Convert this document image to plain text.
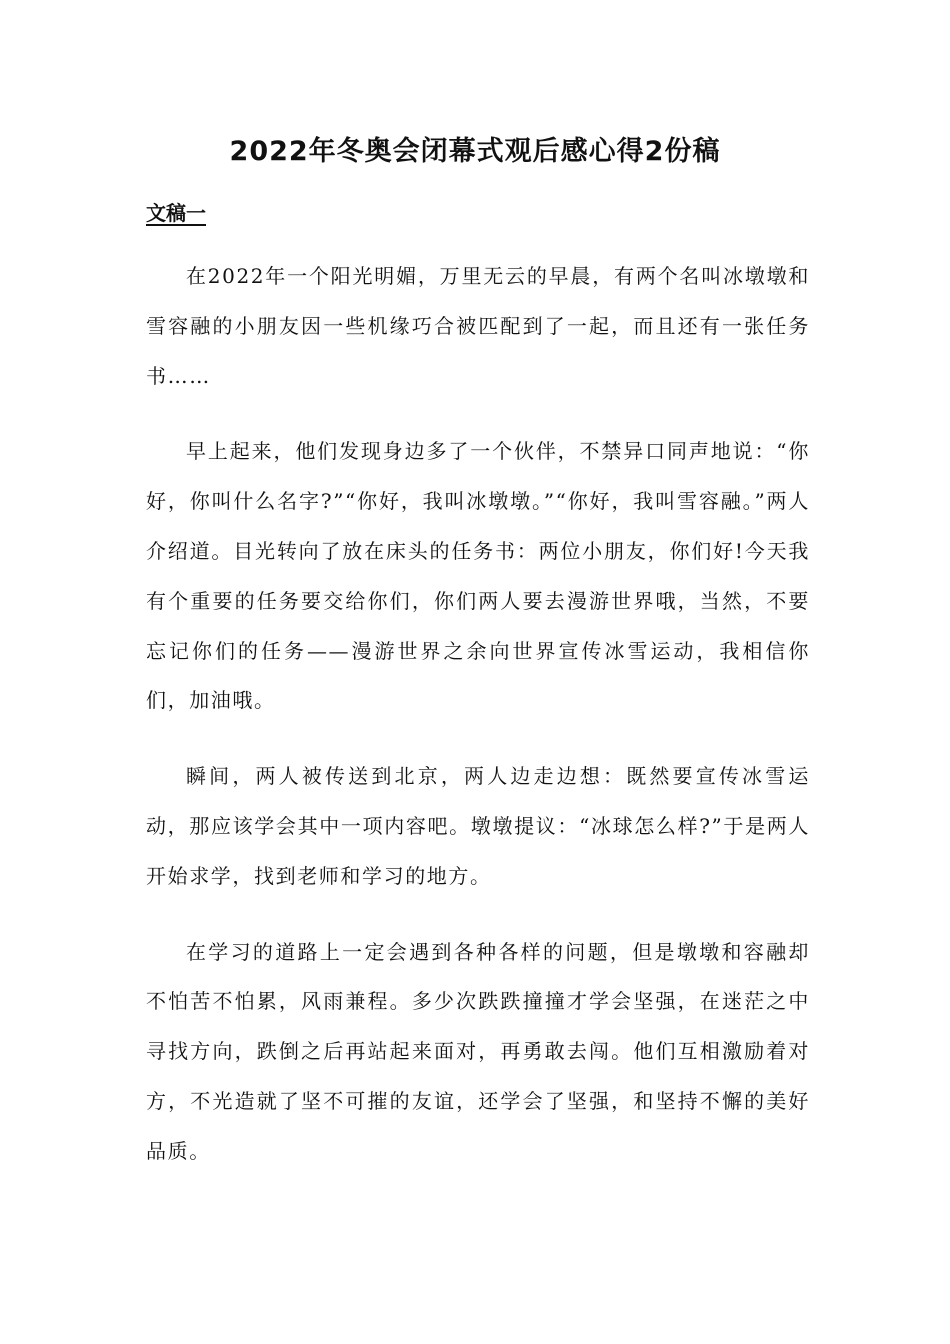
2022年冬奥会闭幕式观后感心得2份稿
文稿一

在2022年一个阳光明媚，万里无云的早晨，有两个名叫冰墩墩和雪容融的小朋友因一些机缘巧合被匹配到了一起，而且还有一张任务书……

早上起来，他们发现身边多了一个伙伴，不禁异口同声地说：“你好，你叫什么名字?”“你好，我叫冰墩墩。”“你好，我叫雪容融。”两人介绍道。目光转向了放在床头的任务书：两位小朋友，你们好!今天我有个重要的任务要交给你们，你们两人要去漫游世界哦，当然，不要忘记你们的任务——漫游世界之余向世界宣传冰雪运动，我相信你们，加油哦。

瞬间，两人被传送到北京，两人边走边想：既然要宣传冰雪运动，那应该学会其中一项内容吧。墩墩提议：“冰球怎么样?”于是两人开始求学，找到老师和学习的地方。

在学习的道路上一定会遇到各种各样的问题，但是墩墩和容融却不怕苦不怕累，风雨兼程。多少次跌跌撞撞才学会坚强，在迷茫之中寻找方向，跌倒之后再站起来面对，再勇敢去闯。他们互相激励着对方，不光造就了坚不可摧的友谊，还学会了坚强，和坚持不懈的美好品质。
